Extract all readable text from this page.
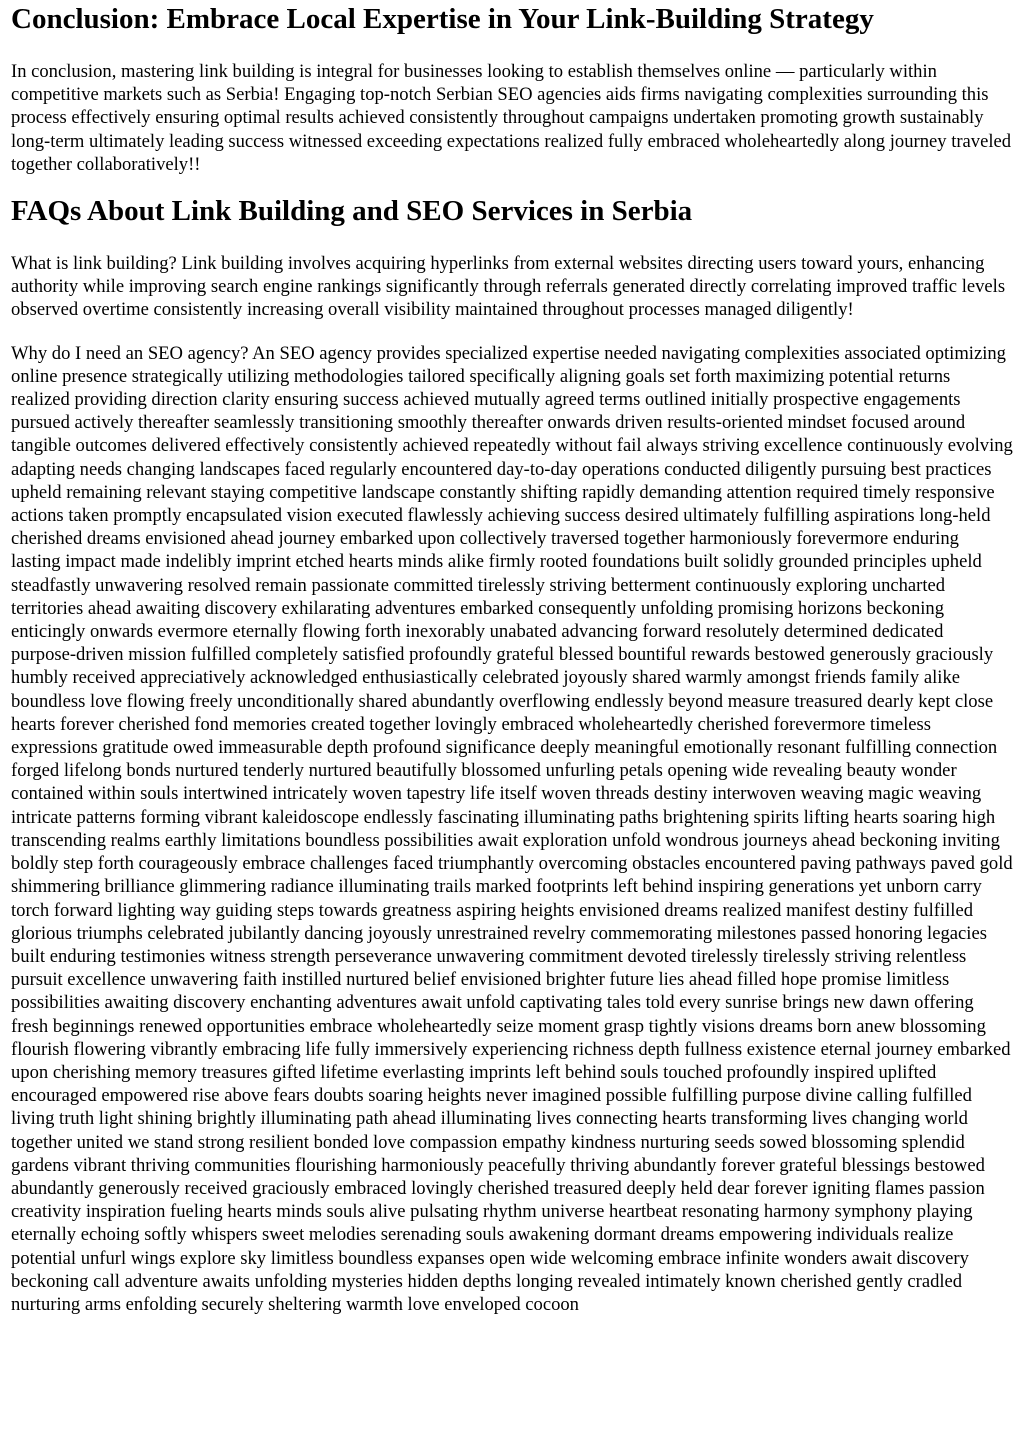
Conclusion: Embrace Local Expertise in Your Link-Building Strategy

In conclusion, mastering link building is integral for businesses looking to establish themselves online — particularly within competitive markets such as Serbia! Engaging top-notch Serbian SEO agencies aids firms navigating complexities surrounding this process effectively ensuring optimal results achieved consistently throughout campaigns undertaken promoting growth sustainably long-term ultimately leading success witnessed exceeding expectations realized fully embraced wholeheartedly along journey traveled together collaboratively!!

FAQs About Link Building and SEO Services in Serbia

What is link building? Link building involves acquiring hyperlinks from external websites directing users toward yours, enhancing authority while improving search engine rankings significantly through referrals generated directly correlating improved traffic levels observed overtime consistently increasing overall visibility maintained throughout processes managed diligently!

Why do I need an SEO agency? An SEO agency provides specialized expertise needed navigating complexities associated optimizing online presence strategically utilizing methodologies tailored specifically aligning goals set forth maximizing potential returns realized providing direction clarity ensuring success achieved mutually agreed terms outlined initially prospective engagements pursued actively thereafter seamlessly transitioning smoothly thereafter onwards driven results-oriented mindset focused around tangible outcomes delivered effectively consistently achieved repeatedly without fail always striving excellence continuously evolving adapting needs changing landscapes faced regularly encountered day-to-day operations conducted diligently pursuing best practices upheld remaining relevant staying competitive landscape constantly shifting rapidly demanding attention required timely responsive actions taken promptly encapsulated vision executed flawlessly achieving success desired ultimately fulfilling aspirations long-held cherished dreams envisioned ahead journey embarked upon collectively traversed together harmoniously forevermore enduring lasting impact made indelibly imprint etched hearts minds alike firmly rooted foundations built solidly grounded principles upheld steadfastly unwavering resolved remain passionate committed tirelessly striving betterment continuously exploring uncharted territories ahead awaiting discovery exhilarating adventures embarked consequently unfolding promising horizons beckoning enticingly onwards evermore eternally flowing forth inexorably unabated advancing forward resolutely determined dedicated purpose-driven mission fulfilled completely satisfied profoundly grateful blessed bountiful rewards bestowed generously graciously humbly received appreciatively acknowledged enthusiastically celebrated joyously shared warmly amongst friends family alike boundless love flowing freely unconditionally shared abundantly overflowing endlessly beyond measure treasured dearly kept close hearts forever cherished fond memories created together lovingly embraced wholeheartedly cherished forevermore timeless expressions gratitude owed immeasurable depth profound significance deeply meaningful emotionally resonant fulfilling connection forged lifelong bonds nurtured tenderly nurtured beautifully blossomed unfurling petals opening wide revealing beauty wonder contained within souls intertwined intricately woven tapestry life itself woven threads destiny interwoven weaving magic weaving intricate patterns forming vibrant kaleidoscope endlessly fascinating illuminating paths brightening spirits lifting hearts soaring high transcending realms earthly limitations boundless possibilities await exploration unfold wondrous journeys ahead beckoning inviting boldly step forth courageously embrace challenges faced triumphantly overcoming obstacles encountered paving pathways paved gold shimmering brilliance glimmering radiance illuminating trails marked footprints left behind inspiring generations yet unborn carry torch forward lighting way guiding steps towards greatness aspiring heights envisioned dreams realized manifest destiny fulfilled glorious triumphs celebrated jubilantly dancing joyously unrestrained revelry commemorating milestones passed honoring legacies built enduring testimonies witness strength perseverance unwavering commitment devoted tirelessly tirelessly striving relentless pursuit excellence unwavering faith instilled nurtured belief envisioned brighter future lies ahead filled hope promise limitless possibilities awaiting discovery enchanting adventures await unfold captivating tales told every sunrise brings new dawn offering fresh beginnings renewed opportunities embrace wholeheartedly seize moment grasp tightly visions dreams born anew blossoming flourish flowering vibrantly embracing life fully immersively experiencing richness depth fullness existence eternal journey embarked upon cherishing memory treasures gifted lifetime everlasting imprints left behind souls touched profoundly inspired uplifted encouraged empowered rise above fears doubts soaring heights never imagined possible fulfilling purpose divine calling fulfilled living truth light shining brightly illuminating path ahead illuminating lives connecting hearts transforming lives changing world together united we stand strong resilient bonded love compassion empathy kindness nurturing seeds sowed blossoming splendid gardens vibrant thriving communities flourishing harmoniously peacefully thriving abundantly forever grateful blessings bestowed abundantly generously received graciously embraced lovingly cherished treasured deeply held dear forever igniting flames passion creativity inspiration fueling hearts minds souls alive pulsating rhythm universe heartbeat resonating harmony symphony playing eternally echoing softly whispers sweet melodies serenading souls awakening dormant dreams empowering individuals realize potential unfurl wings explore sky limitless boundless expanses open wide welcoming embrace infinite wonders await discovery beckoning call adventure awaits unfolding mysteries hidden depths longing revealed intimately known cherished gently cradled nurturing arms enfolding securely sheltering warmth love enveloped cocoon
